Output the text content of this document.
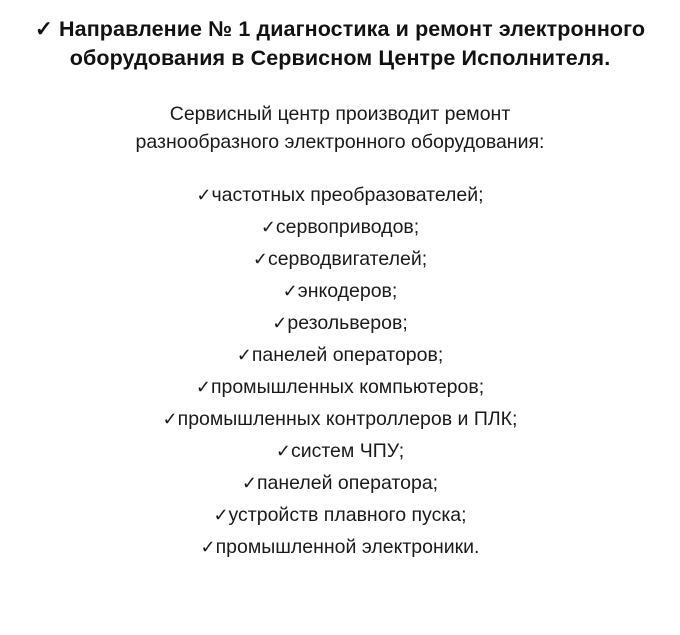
✓ Направление № 1 диагностика и ремонт электронного оборудования в Сервисном Центре Исполнителя.

Сервисный центр производит ремонт
разнообразного электронного оборудования:

✓частотных преобразователей;
✓сервоприводов;
✓серводвигателей;
✓энкодеров;
✓резольверов;
✓панелей операторов;
✓промышленных компьютеров;
✓промышленных контроллеров и ПЛК;
✓систем ЧПУ;
✓панелей оператора;
✓устройств плавного пуска;
✓промышленной электроники.
